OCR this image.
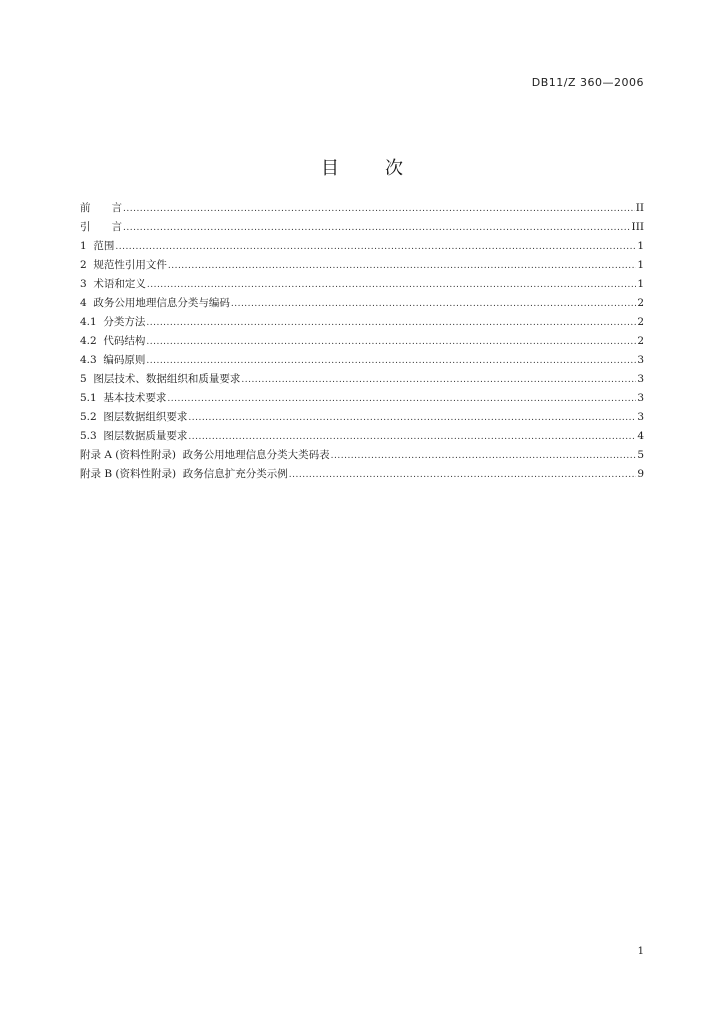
DB11/Z 360—2006
目	次
前　　言 .....	II
引　　言 .....	III
1  范围 .....	1
2  规范性引用文件 .....	1
3  术语和定义 .....	1
4  政务公用地理信息分类与编码 .....	2
4.1  分类方法 .....	2
4.2  代码结构 .....	2
4.3  编码原则 .....	3
5  图层技术、数据组织和质量要求 .....	3
5.1  基本技术要求 .....	3
5.2  图层数据组织要求 .....	3
5.3  图层数据质量要求 .....	4
附录 A (资料性附录)  政务公用地理信息分类大类码表 .....	5
附录 B (资料性附录)  政务信息扩充分类示例 .....	9
1
